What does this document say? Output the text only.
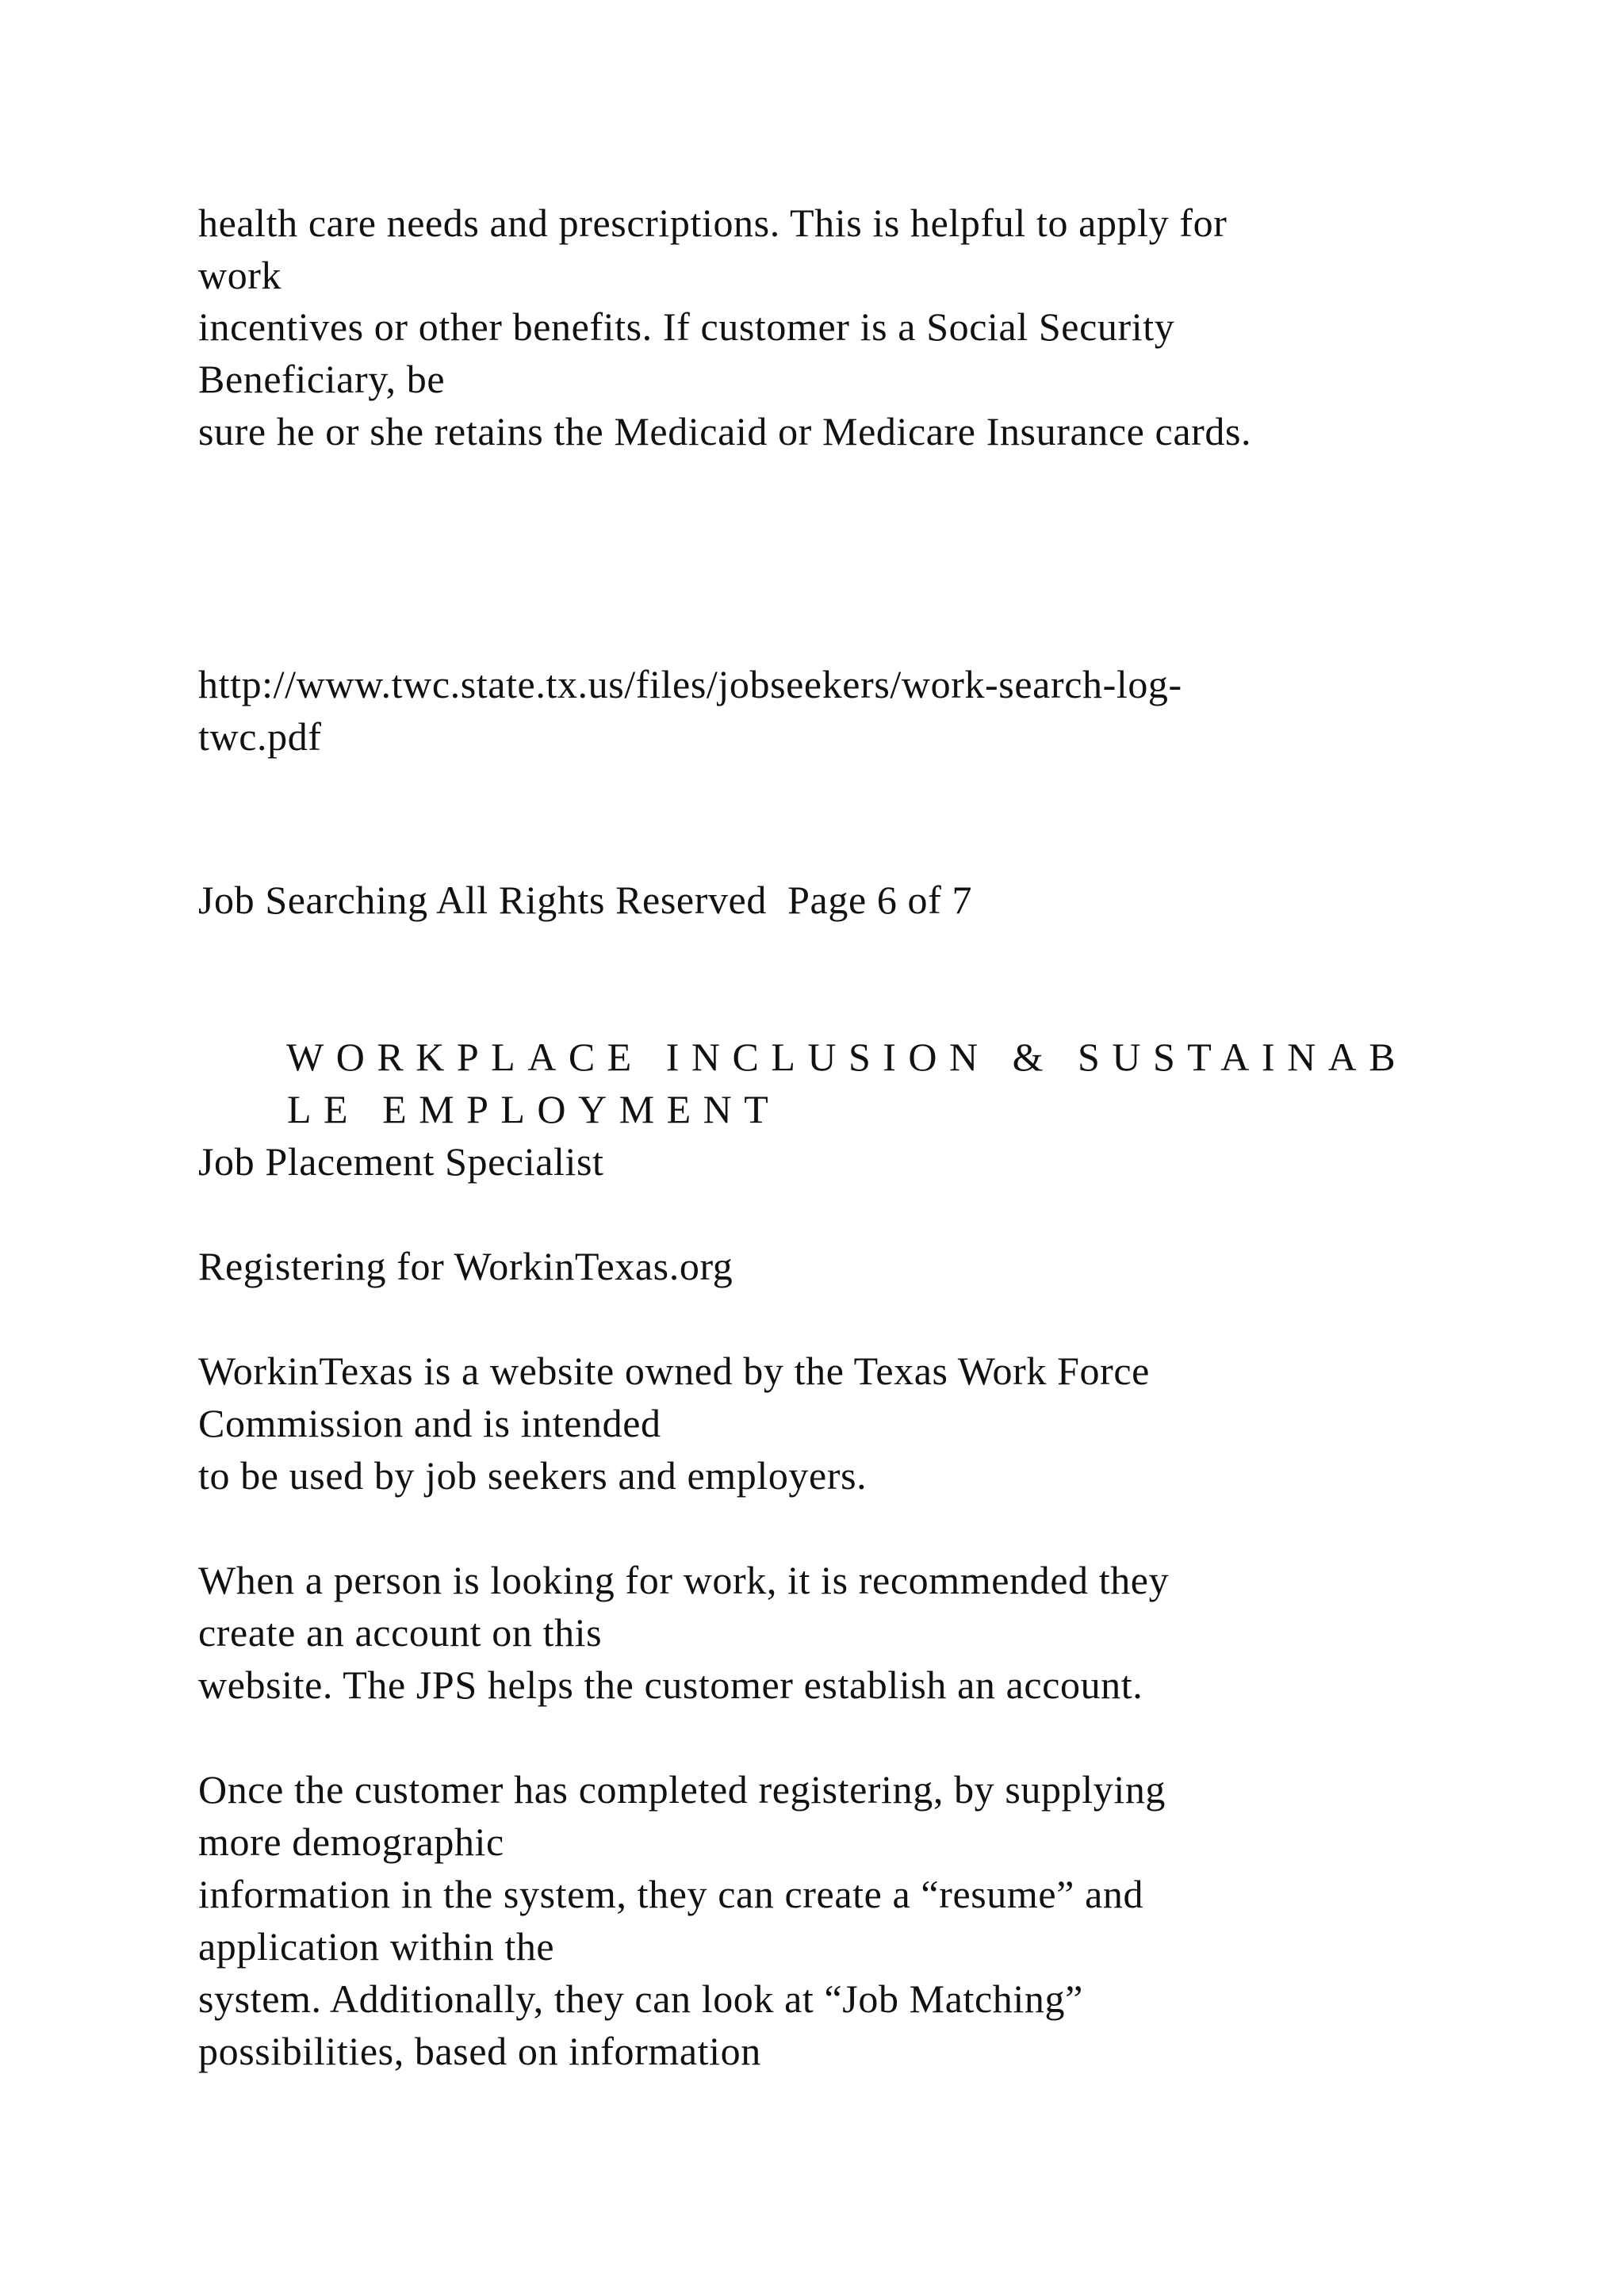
health care needs and prescriptions. This is helpful to apply for
work
incentives or other benefits. If customer is a Social Security
Beneficiary, be
sure he or she retains the Medicaid or Medicare Insurance cards.
http://www.twc.state.tx.us/files/jobseekers/work-search-log-
twc.pdf
Job Searching All Rights Reserved  Page 6 of 7

WORKPLACE INCLUSION & SUSTAINAB

LE EMPLOYMENT

Job Placement Specialist
Registering for WorkinTexas.org
WorkinTexas is a website owned by the Texas Work Force
Commission and is intended
to be used by job seekers and employers.
When a person is looking for work, it is recommended they
create an account on this
website. The JPS helps the customer establish an account.
Once the customer has completed registering, by supplying
more demographic
information in the system, they can create a “resume” and
application within the
system. Additionally, they can look at “Job Matching”
possibilities, based on information
